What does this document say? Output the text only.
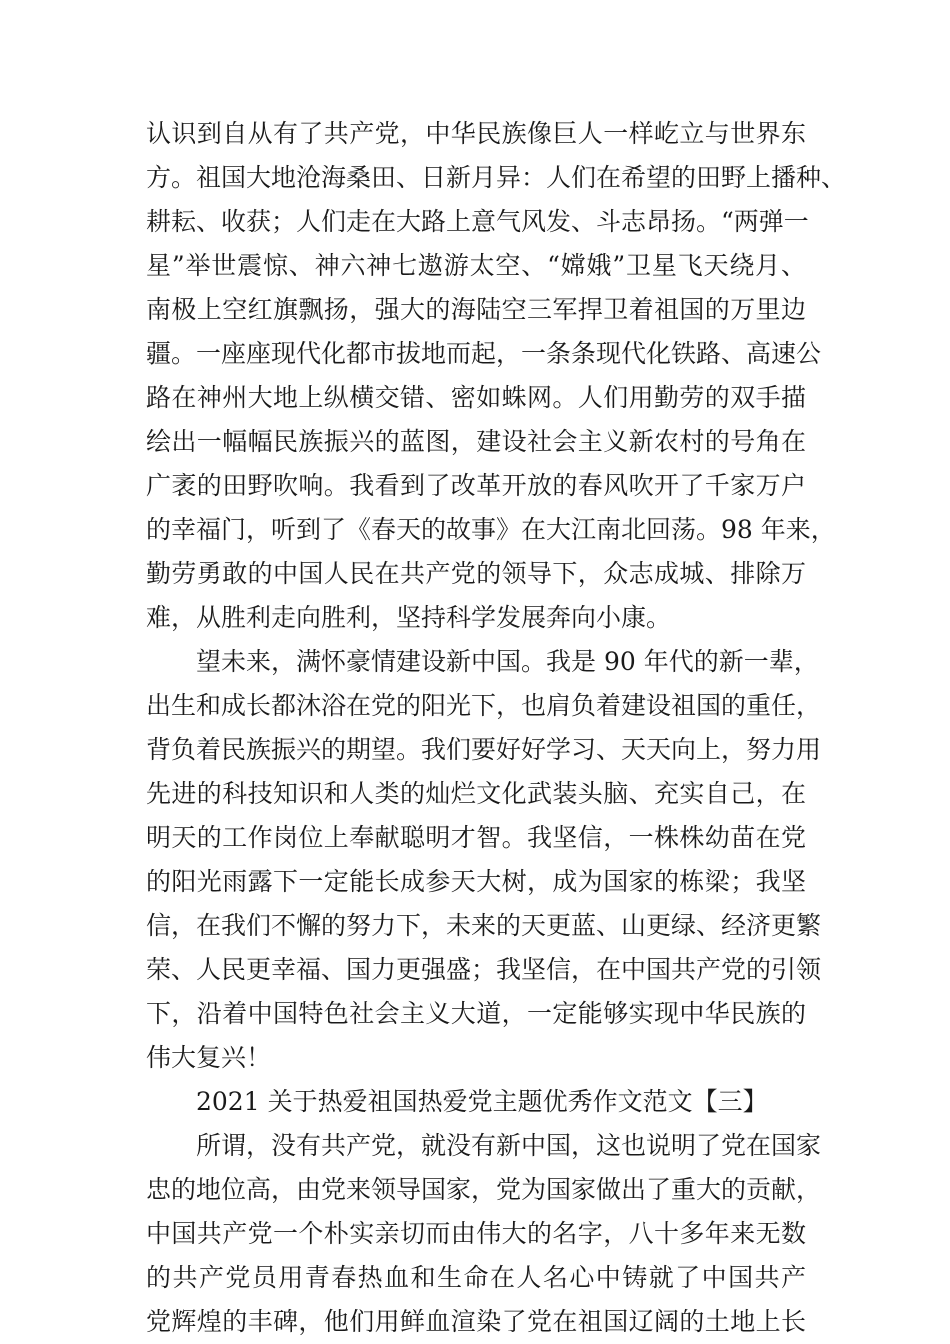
认识到自从有了共产党，中华民族像巨人一样屹立与世界东
方。祖国大地沧海桑田、日新月异：人们在希望的田野上播种、
耕耘、收获；人们走在大路上意气风发、斗志昂扬。“两弹一
星”举世震惊、神六神七遨游太空、“嫦娥”卫星飞天绕月、
南极上空红旗飘扬，强大的海陆空三军捍卫着祖国的万里边
疆。一座座现代化都市拔地而起，一条条现代化铁路、高速公
路在神州大地上纵横交错、密如蛛网。人们用勤劳的双手描
绘出一幅幅民族振兴的蓝图，建设社会主义新农村的号角在
广袤的田野吹响。我看到了改革开放的春风吹开了千家万户
的幸福门，听到了《春天的故事》在大江南北回荡。98 年来，
勤劳勇敢的中国人民在共产党的领导下，众志成城、排除万
难，从胜利走向胜利，坚持科学发展奔向小康。
望未来，满怀豪情建设新中国。我是 90 年代的新一辈，
出生和成长都沐浴在党的阳光下，也肩负着建设祖国的重任，
背负着民族振兴的期望。我们要好好学习、天天向上，努力用
先进的科技知识和人类的灿烂文化武装头脑、充实自己，在
明天的工作岗位上奉献聪明才智。我坚信，一株株幼苗在党
的阳光雨露下一定能长成参天大树，成为国家的栋梁；我坚
信，在我们不懈的努力下，未来的天更蓝、山更绿、经济更繁
荣、人民更幸福、国力更强盛；我坚信，在中国共产党的引领
下，沿着中国特色社会主义大道，一定能够实现中华民族的
伟大复兴！
2021 关于热爱祖国热爱党主题优秀作文范文【三】
所谓，没有共产党，就没有新中国，这也说明了党在国家
忠的地位高，由党来领导国家，党为国家做出了重大的贡献，
中国共产党一个朴实亲切而由伟大的名字，八十多年来无数
的共产党员用青春热血和生命在人名心中铸就了中国共产
党辉煌的丰碑，他们用鲜血渲染了党在祖国辽阔的土地上长
